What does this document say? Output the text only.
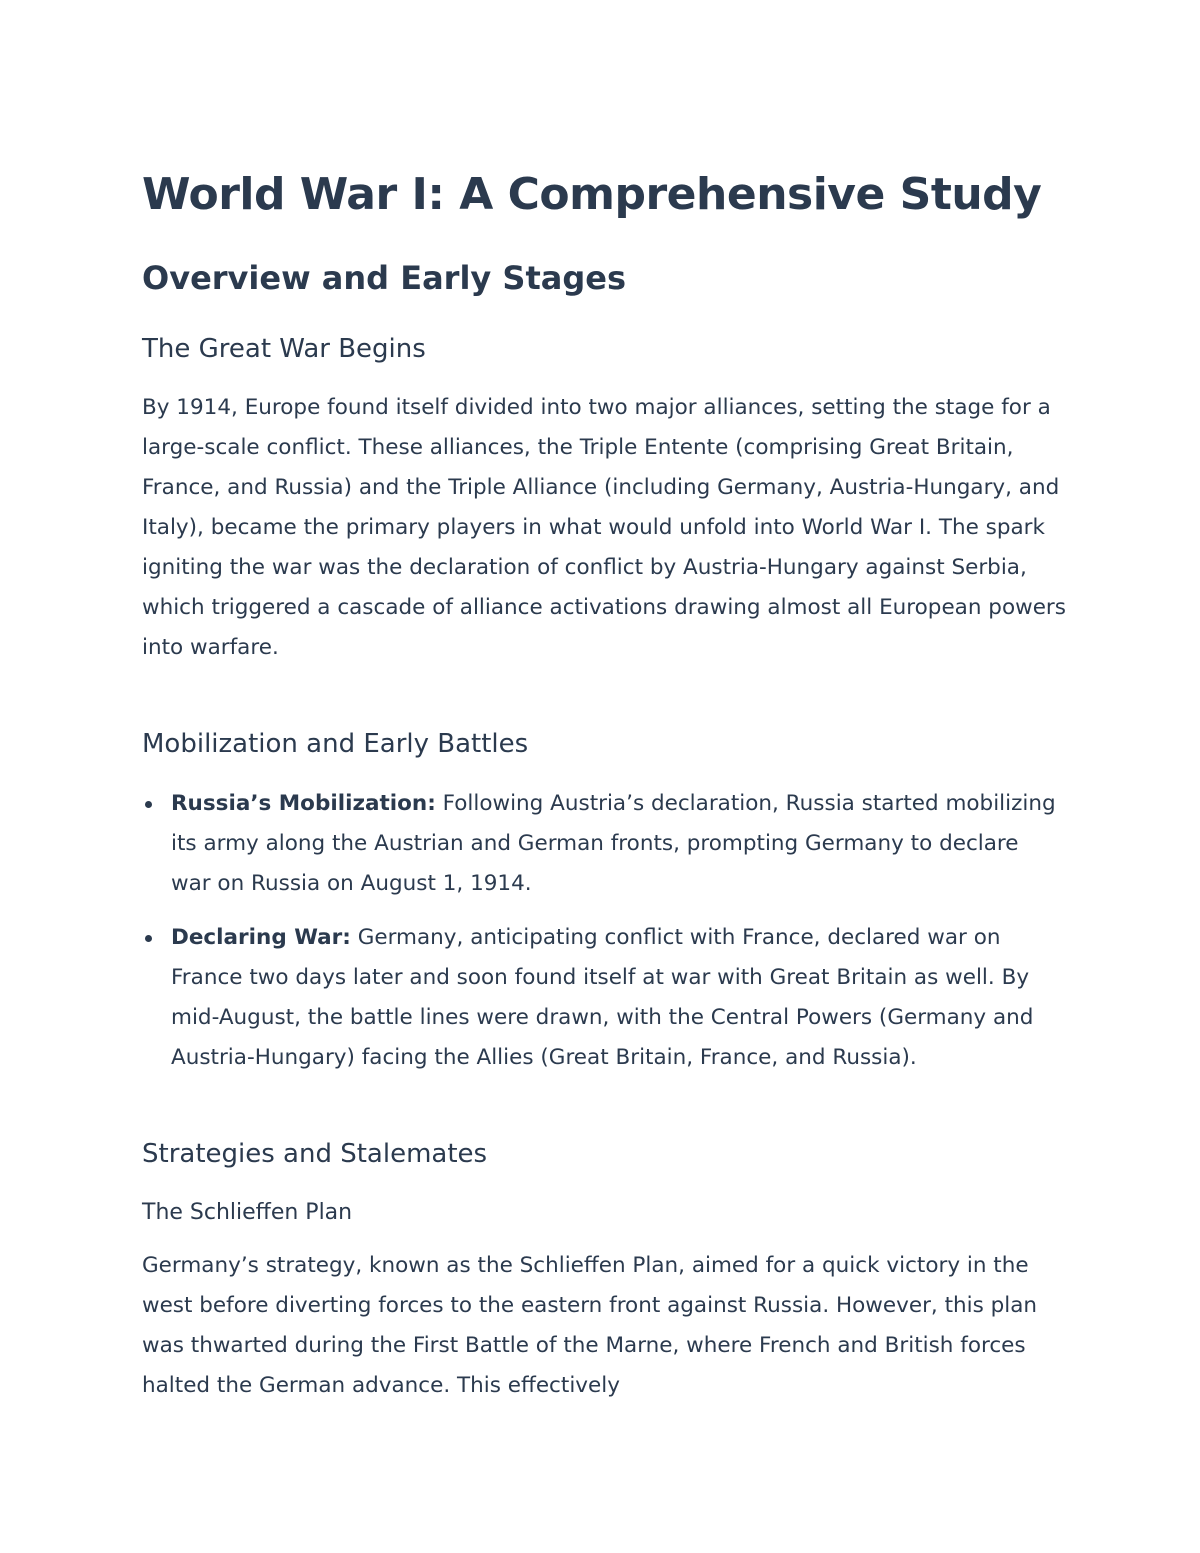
World War I: A Comprehensive Study
Overview and Early Stages
The Great War Begins

By 1914, Europe found itself divided into two major alliances, setting the stage for a large-scale conflict. These alliances, the Triple Entente (comprising Great Britain, France, and Russia) and the Triple Alliance (including Germany, Austria-Hungary, and Italy), became the primary players in what would unfold into World War I. The spark igniting the war was the declaration of conflict by Austria-Hungary against Serbia, which triggered a cascade of alliance activations drawing almost all European powers into warfare.

Mobilization and Early Battles
Russia’s Mobilization: Following Austria’s declaration, Russia started mobilizing its army along the Austrian and German fronts, prompting Germany to declare war on Russia on August 1, 1914.
Declaring War: Germany, anticipating conflict with France, declared war on France two days later and soon found itself at war with Great Britain as well. By mid-August, the battle lines were drawn, with the Central Powers (Germany and Austria-Hungary) facing the Allies (Great Britain, France, and Russia).
Strategies and Stalemates
The Schlieffen Plan

Germany’s strategy, known as the Schlieffen Plan, aimed for a quick victory in the west before diverting forces to the eastern front against Russia. However, this plan was thwarted during the First Battle of the Marne, where French and British forces halted the German advance. This effectively
